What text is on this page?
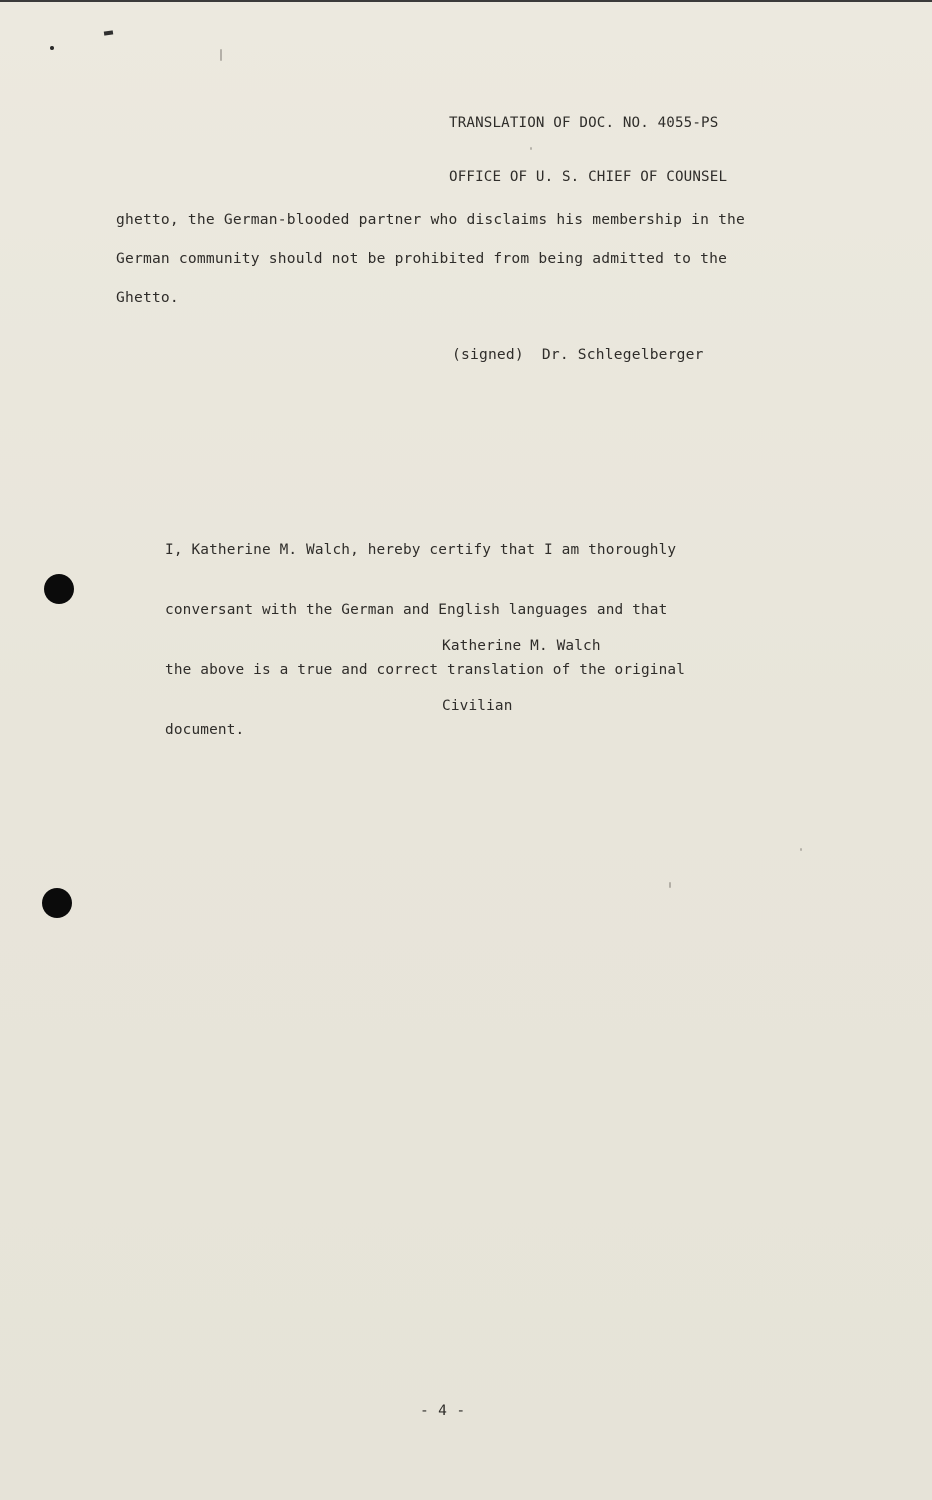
TRANSLATION OF DOC. NO. 4055-PS

OFFICE OF U. S. CHIEF OF COUNSEL

ghetto, the German-blooded partner who disclaims his membership in the
German community should not be prohibited from being admitted to the
Ghetto.
(signed)  Dr. Schlegelberger

I, Katherine M. Walch, hereby certify that I am thoroughly

conversant with the German and English languages and that

the above is a true and correct translation of the original

document.

Katherine M. Walch

Civilian

- 4 -
